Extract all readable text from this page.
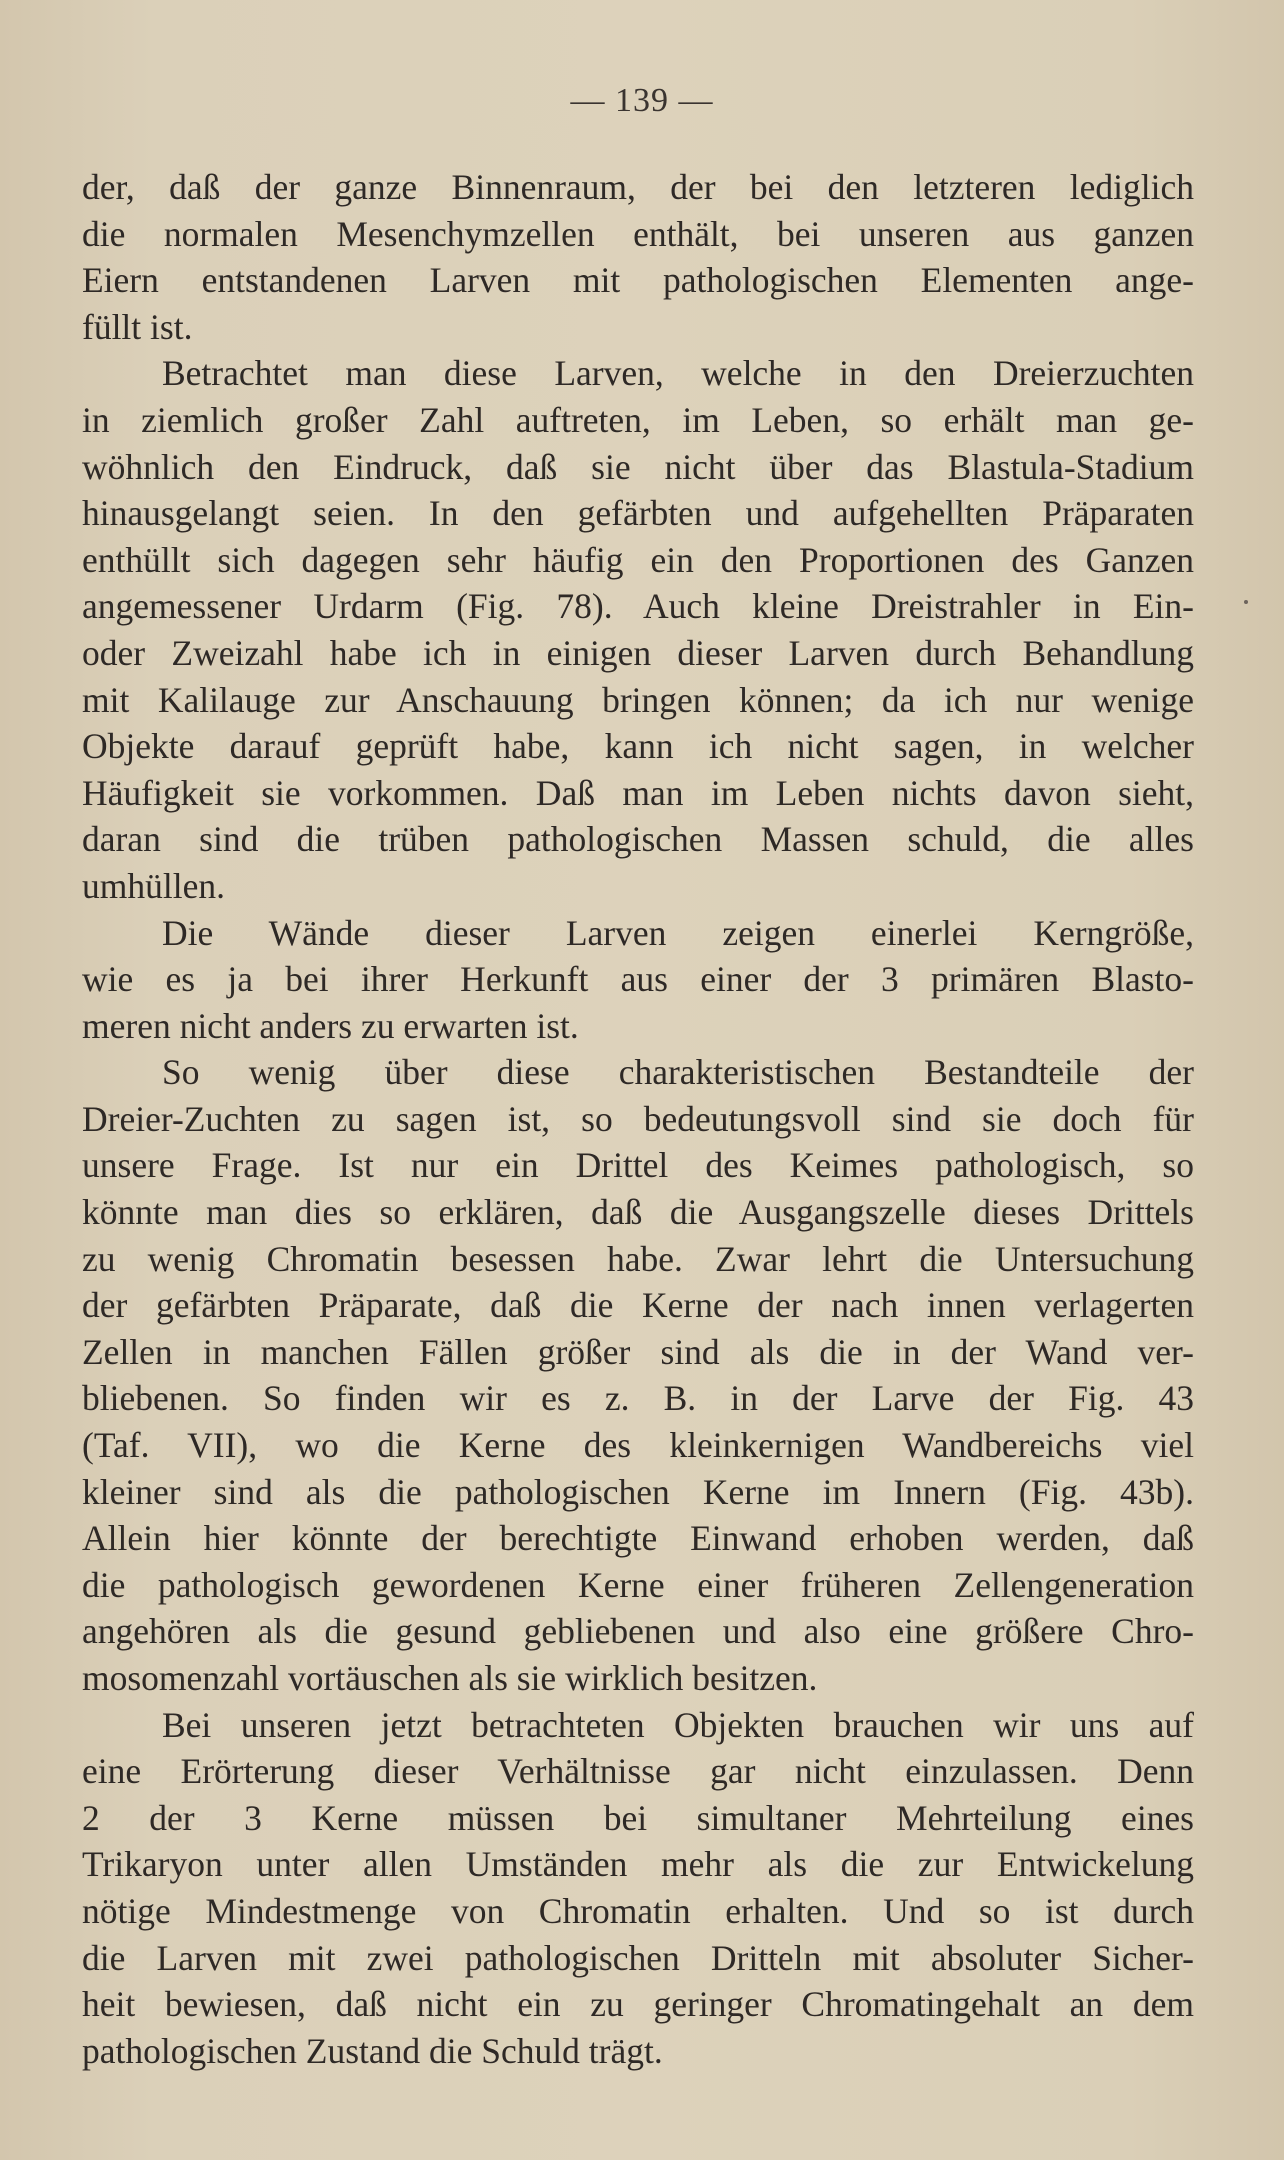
— 139 —
der, daß der ganze Binnenraum, der bei den letzteren lediglich
die normalen Mesenchymzellen enthält, bei unseren aus ganzen
Eiern entstandenen Larven mit pathologischen Elementen ange-
füllt ist.
Betrachtet man diese Larven, welche in den Dreierzuchten
in ziemlich großer Zahl auftreten, im Leben, so erhält man ge-
wöhnlich den Eindruck, daß sie nicht über das Blastula-Stadium
hinausgelangt seien. In den gefärbten und aufgehellten Präparaten
enthüllt sich dagegen sehr häufig ein den Proportionen des Ganzen
angemessener Urdarm (Fig. 78). Auch kleine Dreistrahler in Ein-
oder Zweizahl habe ich in einigen dieser Larven durch Behandlung
mit Kalilauge zur Anschauung bringen können; da ich nur wenige
Objekte darauf geprüft habe, kann ich nicht sagen, in welcher
Häufigkeit sie vorkommen. Daß man im Leben nichts davon sieht,
daran sind die trüben pathologischen Massen schuld, die alles
umhüllen.
Die Wände dieser Larven zeigen einerlei Kerngröße,
wie es ja bei ihrer Herkunft aus einer der 3 primären Blasto-
meren nicht anders zu erwarten ist.
So wenig über diese charakteristischen Bestandteile der
Dreier-Zuchten zu sagen ist, so bedeutungsvoll sind sie doch für
unsere Frage. Ist nur ein Drittel des Keimes pathologisch, so
könnte man dies so erklären, daß die Ausgangszelle dieses Drittels
zu wenig Chromatin besessen habe. Zwar lehrt die Untersuchung
der gefärbten Präparate, daß die Kerne der nach innen verlagerten
Zellen in manchen Fällen größer sind als die in der Wand ver-
bliebenen. So finden wir es z. B. in der Larve der Fig. 43
(Taf. VII), wo die Kerne des kleinkernigen Wandbereichs viel
kleiner sind als die pathologischen Kerne im Innern (Fig. 43b).
Allein hier könnte der berechtigte Einwand erhoben werden, daß
die pathologisch gewordenen Kerne einer früheren Zellengeneration
angehören als die gesund gebliebenen und also eine größere Chro-
mosomenzahl vortäuschen als sie wirklich besitzen.
Bei unseren jetzt betrachteten Objekten brauchen wir uns auf
eine Erörterung dieser Verhältnisse gar nicht einzulassen. Denn
2 der 3 Kerne müssen bei simultaner Mehrteilung eines
Trikaryon unter allen Umständen mehr als die zur Entwickelung
nötige Mindestmenge von Chromatin erhalten. Und so ist durch
die Larven mit zwei pathologischen Dritteln mit absoluter Sicher-
heit bewiesen, daß nicht ein zu geringer Chromatingehalt an dem
pathologischen Zustand die Schuld trägt.
